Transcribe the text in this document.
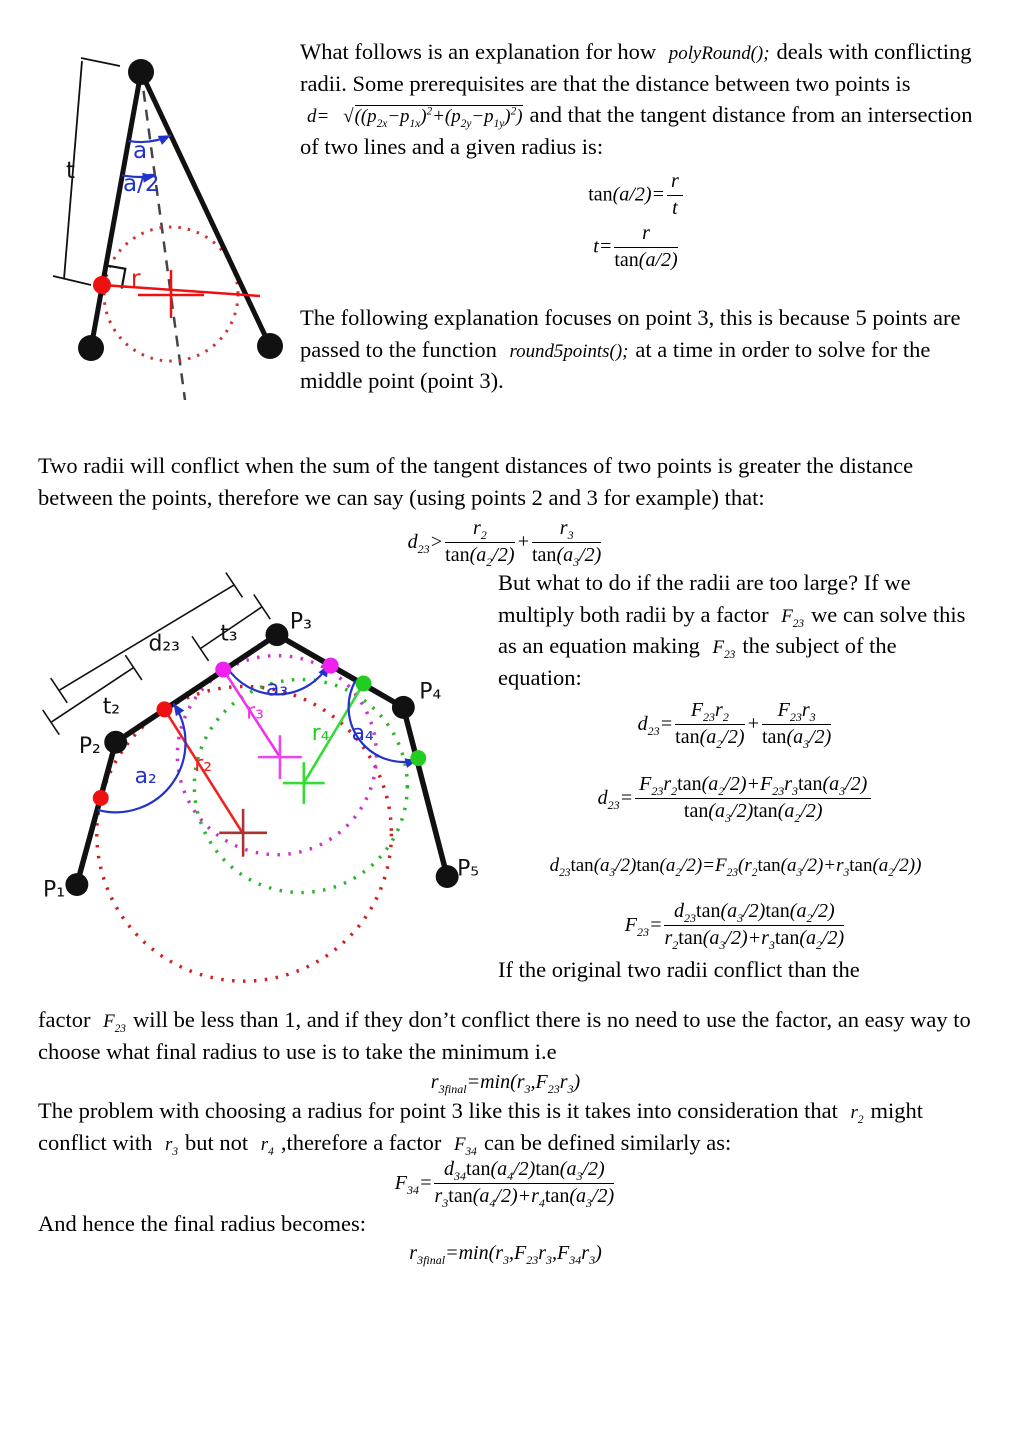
t
a
a/2
r

What follows is an explanation for how polyRound(); deals with conflicting radii. Some prerequisites are that the distance between two points is $d= √((p_{2x}-p_{1x})^2+(p_{2y}-p_{1y})^2)$ and that the tangent distance from an intersection of two lines and a given radius is:

$\tan(a/2)= \frac{r}{t}$
$t= \frac{r}{\tan(a/2)}$

The following explanation focuses on point 3, this is because 5 points are passed to the function round5points(); at a time in order to solve for the middle point (point 3).

Two radii will conflict when the sum of the tangent distances of two points is greater the distance between the points, therefore we can say (using points 2 and 3 for example) that:

$d_{23}> \frac{r_2}{\tan(a_2/2)} + \frac{r_3}{\tan(a_3/2)}$
P₁
P₂
P₃
P₄
P₅
d₂₃ t₃
t₂
a₂
a₃
a₄
r₂
r₃
r₄

But what to do if the radii are too large? If we multiply both radii by a factor $F_{23}$ we can solve this as an equation making $F_{23}$ the subject of the equation:

$d_{23}= \frac{F_{23}r_2}{\tan(a_2/2)} + \frac{F_{23}r_3}{\tan(a_3/2)}$
$d_{23}= \frac{F_{23}r_2\tan(a_2/2)+F_{23}r_3\tan(a_3/2)}{\tan(a_3/2)\tan(a_2/2)}$
$d_{23}\tan(a_3/2)\tan(a_2/2)=F_{23}(r_2\tan(a_3/2)+r_3\tan(a_2/2))$
$F_{23}= \frac{d_{23}\tan(a_3/2)\tan(a_2/2)}{r_2\tan(a_3/2)+r_3\tan(a_2/2)}$

If the original two radii conflict than the

factor $F_{23}$ will be less than 1, and if they don’t conflict there is no need to use the factor, an easy way to choose what final radius to use is to take the minimum i.e

$r_{3final}=\min(r_3,F_{23}r_3)$

The problem with choosing a radius for point 3 like this is it takes into consideration that $r_2$ might conflict with $r_3$ but not $r_4$ ,therefore a factor $F_{34}$ can be defined similarly as:

$F_{34}= \frac{d_{34}\tan(a_4/2)\tan(a_3/2)}{r_3\tan(a_4/2)+r_4\tan(a_3/2)}$

And hence the final radius becomes:

$r_{3final}=\min(r_3,F_{23}r_3,F_{34}r_3)$
